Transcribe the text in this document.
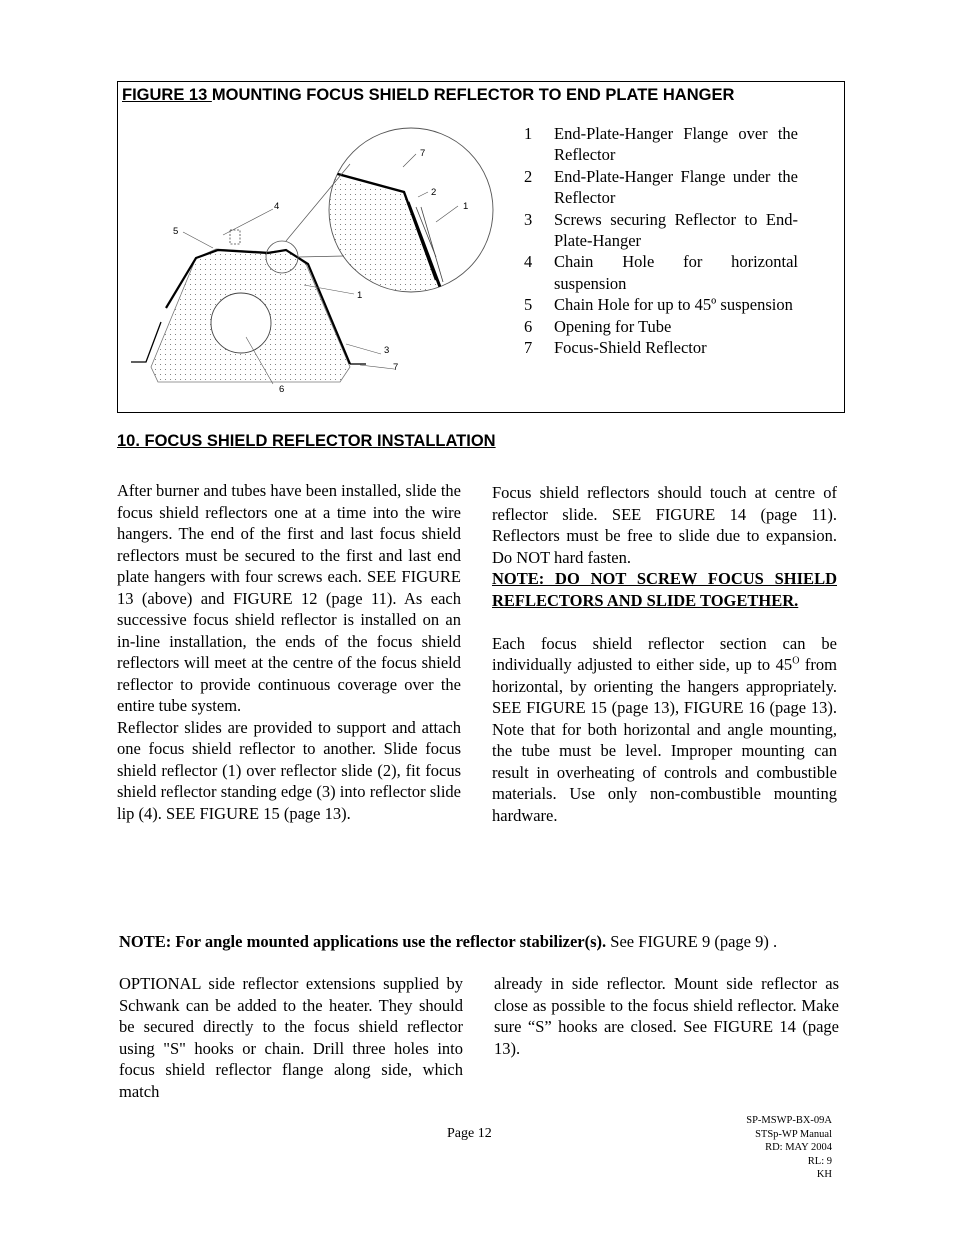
FIGURE 13 MOUNTING FOCUS SHIELD REFLECTOR TO END PLATE HANGER
7
2
1
4
5
1
3
7
6
1	End-Plate-Hanger Flange over the Reflector
2	End-Plate-Hanger Flange under the Reflector
3	Screws securing Reflector to End-Plate-Hanger
4	Chain Hole for horizontal suspension
5	Chain Hole for up to 45º suspension
6	Opening for Tube
7	Focus-Shield Reflector
10. FOCUS SHIELD REFLECTOR INSTALLATION

After burner and tubes have been installed, slide the focus shield reflectors one at a time into the wire hangers. The end of the first and last focus shield reflectors must be secured to the first and last end plate hangers with four screws each. SEE FIGURE 13 (above) and FIGURE 12 (page 11). As each successive focus shield reflector is installed on an in-line installation, the ends of the focus shield reflectors will meet at the centre of the focus shield reflector to provide continuous coverage over the entire tube system.

Reflector slides are provided to support and attach one focus shield reflector to another. Slide focus shield reflector (1) over reflector slide (2), fit focus shield reflector standing edge (3) into reflector slide lip (4). SEE FIGURE 15 (page 13).

Focus shield reflectors should touch at centre of reflector slide. SEE FIGURE 14 (page 11). Reflectors must be free to slide due to expansion. Do NOT hard fasten.

NOTE: DO NOT SCREW FOCUS SHIELD REFLECTORS AND SLIDE TOGETHER.

Each focus shield reflector section can be individually adjusted to either side, up to $45^O$ from horizontal, by orienting the hangers appropriately. SEE FIGURE 15 (page 13), FIGURE 16 (page 13). Note that for both horizontal and angle mounting, the tube must be level. Improper mounting can result in overheating of controls and combustible materials. Use only non-combustible mounting hardware.

NOTE: For angle mounted applications use the reflector stabilizer(s). See FIGURE 9 (page 9) .

OPTIONAL side reflector extensions supplied by Schwank can be added to the heater. They should be secured directly to the focus shield reflector using "S" hooks or chain. Drill three holes into focus shield reflector flange along side, which match

already in side reflector. Mount side reflector as close as possible to the focus shield reflector. Make sure “S” hooks are closed. See FIGURE 14 (page 13).

Page 12
SP-MSWP-BX-09A
STSp-WP Manual
RD: MAY 2004
RL: 9
KH
